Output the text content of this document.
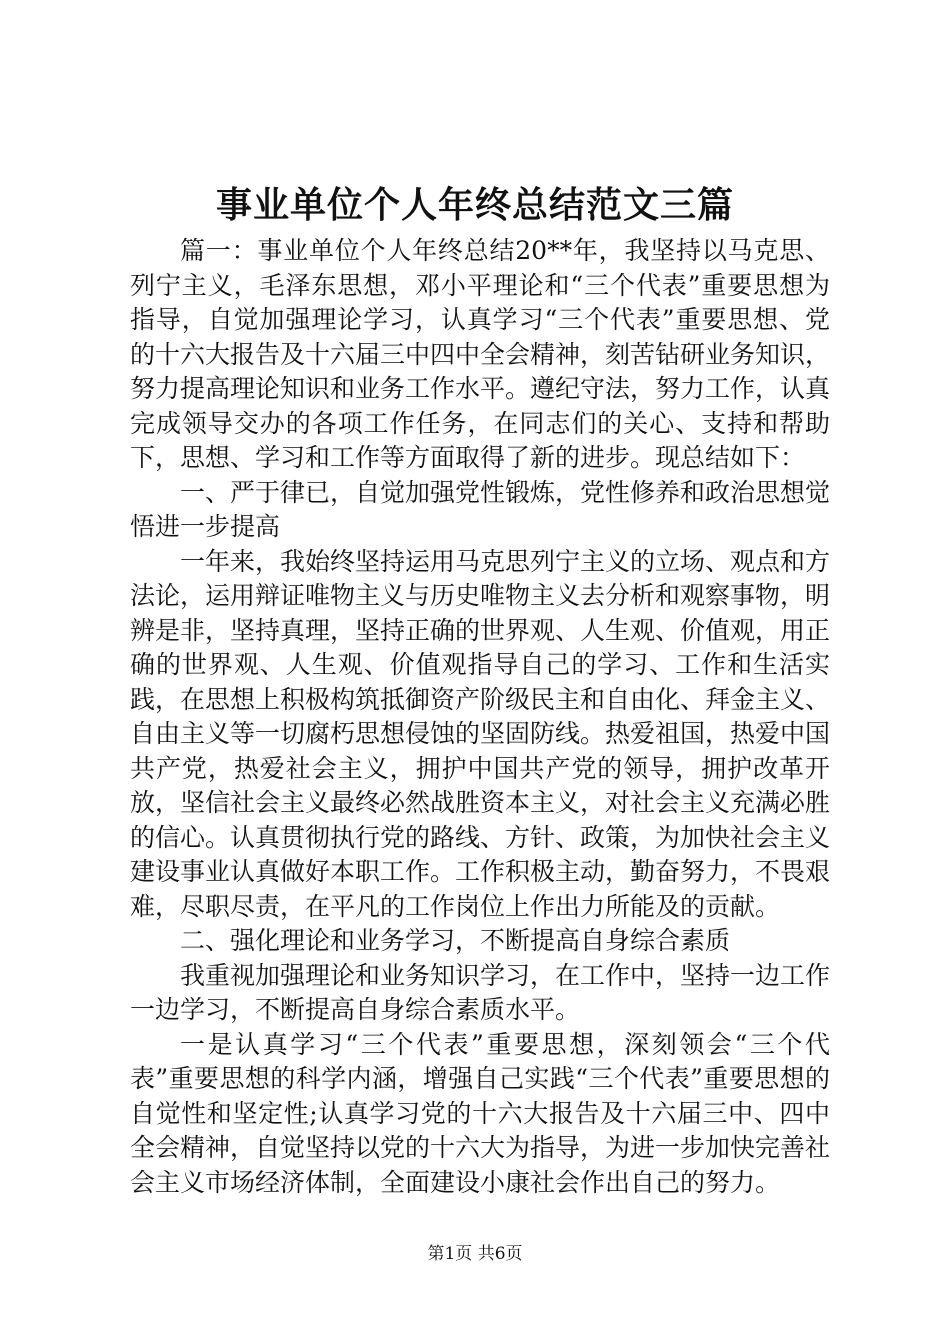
事业单位个人年终总结范文三篇

篇一：事业单位个人年终总结20**年，我坚持以马克思、列宁主义，毛泽东思想，邓小平理论和“三个代表”重要思想为指导，自觉加强理论学习，认真学习“三个代表”重要思想、党的十六大报告及十六届三中四中全会精神，刻苦钻研业务知识，努力提高理论知识和业务工作水平。遵纪守法，努力工作，认真完成领导交办的各项工作任务，在同志们的关心、支持和帮助下，思想、学习和工作等方面取得了新的进步。现总结如下：

一、严于律已，自觉加强党性锻炼，党性修养和政治思想觉悟进一步提高

一年来，我始终坚持运用马克思列宁主义的立场、观点和方法论，运用辩证唯物主义与历史唯物主义去分析和观察事物，明辨是非，坚持真理，坚持正确的世界观、人生观、价值观，用正确的世界观、人生观、价值观指导自己的学习、工作和生活实践，在思想上积极构筑抵御资产阶级民主和自由化、拜金主义、自由主义等一切腐朽思想侵蚀的坚固防线。热爱祖国，热爱中国共产党，热爱社会主义，拥护中国共产党的领导，拥护改革开放，坚信社会主义最终必然战胜资本主义，对社会主义充满必胜的信心。认真贯彻执行党的路线、方针、政策，为加快社会主义建设事业认真做好本职工作。工作积极主动，勤奋努力，不畏艰难，尽职尽责，在平凡的工作岗位上作出力所能及的贡献。

二、强化理论和业务学习，不断提高自身综合素质

我重视加强理论和业务知识学习，在工作中，坚持一边工作一边学习，不断提高自身综合素质水平。

一是认真学习“三个代表”重要思想，深刻领会“三个代表”重要思想的科学内涵，增强自己实践“三个代表”重要思想的自觉性和坚定性;认真学习党的十六大报告及十六届三中、四中全会精神，自觉坚持以党的十六大为指导，为进一步加快完善社会主义市场经济体制，全面建设小康社会作出自己的努力。

第1页 共6页
